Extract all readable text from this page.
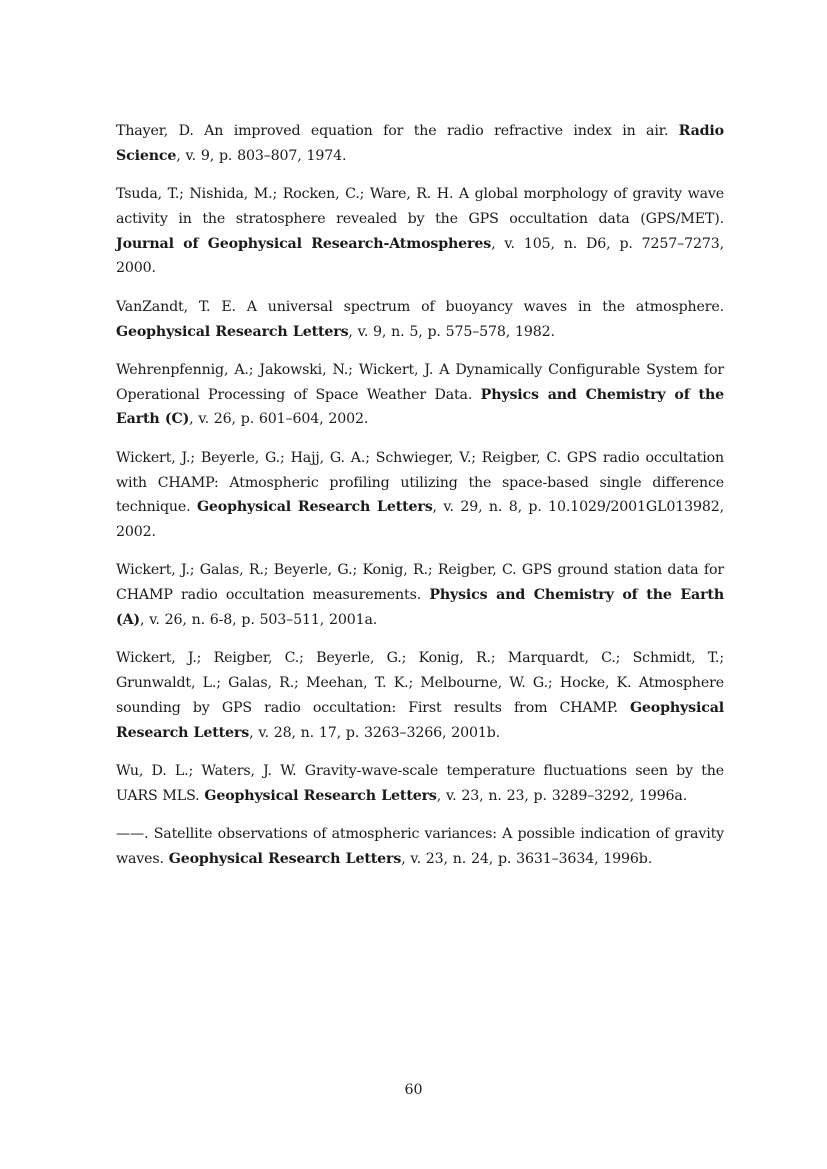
Thayer, D. An improved equation for the radio refractive index in air. Radio Science, v. 9, p. 803–807, 1974.

Tsuda, T.; Nishida, M.; Rocken, C.; Ware, R. H. A global morphology of gravity wave activity in the stratosphere revealed by the GPS occultation data (GPS/MET). Journal of Geophysical Research-Atmospheres, v. 105, n. D6, p. 7257–7273, 2000.

VanZandt, T. E. A universal spectrum of buoyancy waves in the atmosphere. Geophysical Research Letters, v. 9, n. 5, p. 575–578, 1982.

Wehrenpfennig, A.; Jakowski, N.; Wickert, J. A Dynamically Configurable System for Operational Processing of Space Weather Data. Physics and Chemistry of the Earth (C), v. 26, p. 601–604, 2002.

Wickert, J.; Beyerle, G.; Hajj, G. A.; Schwieger, V.; Reigber, C. GPS radio occultation with CHAMP: Atmospheric profiling utilizing the space-based single difference technique. Geophysical Research Letters, v. 29, n. 8, p. 10.1029/2001GL013982, 2002.

Wickert, J.; Galas, R.; Beyerle, G.; Konig, R.; Reigber, C. GPS ground station data for CHAMP radio occultation measurements. Physics and Chemistry of the Earth (A), v. 26, n. 6-8, p. 503–511, 2001a.

Wickert, J.; Reigber, C.; Beyerle, G.; Konig, R.; Marquardt, C.; Schmidt, T.; Grunwaldt, L.; Galas, R.; Meehan, T. K.; Melbourne, W. G.; Hocke, K. Atmosphere sounding by GPS radio occultation: First results from CHAMP. Geophysical Research Letters, v. 28, n. 17, p. 3263–3266, 2001b.

Wu, D. L.; Waters, J. W. Gravity-wave-scale temperature fluctuations seen by the UARS MLS. Geophysical Research Letters, v. 23, n. 23, p. 3289–3292, 1996a.

——. Satellite observations of atmospheric variances: A possible indication of gravity waves. Geophysical Research Letters, v. 23, n. 24, p. 3631–3634, 1996b.

60
